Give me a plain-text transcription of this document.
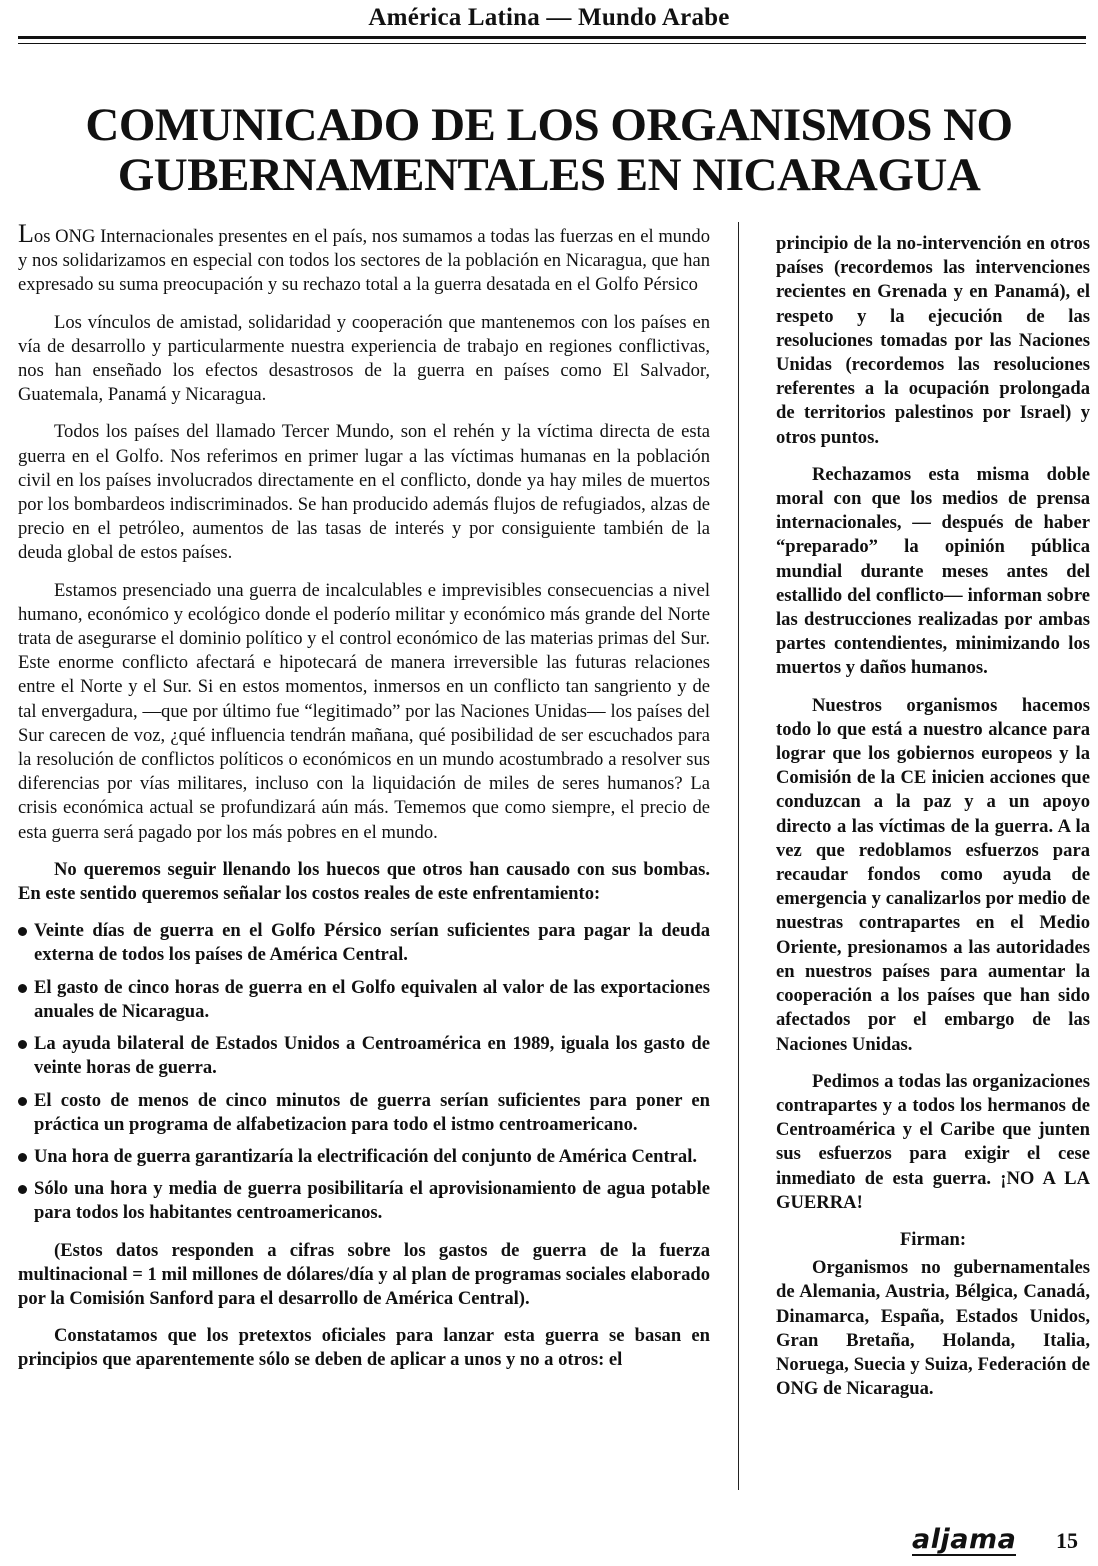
América Latina — Mundo Arabe
COMUNICADO DE LOS ORGANISMOS NO
GUBERNAMENTALES EN NICARAGUA

Los ONG Internacionales presentes en el país, nos sumamos a todas las fuerzas en el mundo y nos solidarizamos en especial con todos los sectores de la población en Nicaragua, que han expresado su suma preocupación y su rechazo total a la guerra desatada en el Golfo Pérsico

Los vínculos de amistad, solidaridad y cooperación que mantenemos con los países en vía de desarrollo y particularmente nuestra experiencia de trabajo en regiones conflictivas, nos han enseñado los efectos desastrosos de la guerra en países como El Salvador, Guatemala, Panamá y Nicaragua.

Todos los países del llamado Tercer Mundo, son el rehén y la víctima directa de esta guerra en el Golfo. Nos referimos en primer lugar a las víctimas humanas en la población civil en los países involucrados directamente en el conflicto, donde ya hay miles de muertos por los bombardeos indiscriminados. Se han producido además flujos de refugiados, alzas de precio en el petróleo, aumentos de las tasas de interés y por consiguiente también de la deuda global de estos países.

Estamos presenciado una guerra de incalculables e imprevisibles consecuencias a nivel humano, económico y ecológico donde el poderío militar y económico más grande del Norte trata de asegurarse el dominio político y el control económico de las materias primas del Sur. Este enorme conflicto afectará e hipotecará de manera irreversible las futuras relaciones entre el Norte y el Sur. Si en estos momentos, inmersos en un conflicto tan sangriento y de tal envergadura, —que por último fue “legitimado” por las Naciones Unidas— los países del Sur carecen de voz, ¿qué influencia tendrán mañana, qué posibilidad de ser escuchados para la resolución de conflictos políticos o económicos en un mundo acostumbrado a resolver sus diferencias por vías militares, incluso con la liquidación de miles de seres humanos? La crisis económica actual se profundizará aún más. Tememos que como siempre, el precio de esta guerra será pagado por los más pobres en el mundo.

No queremos seguir llenando los huecos que otros han causado con sus bombas. En este sentido queremos señalar los costos reales de este enfrentamiento:

Veinte días de guerra en el Golfo Pérsico serían suficientes para pagar la deuda externa de todos los países de América Central.
El gasto de cinco horas de guerra en el Golfo equivalen al valor de las exportaciones anuales de Nicaragua.
La ayuda bilateral de Estados Unidos a Centroamérica en 1989, iguala los gasto de veinte horas de guerra.
El costo de menos de cinco minutos de guerra serían suficientes para poner en práctica un programa de alfabetizacion para todo el istmo centroamericano.
Una hora de guerra garantizaría la electrificación del conjunto de América Central.
Sólo una hora y media de guerra posibilitaría el aprovisionamiento de agua potable para todos los habitantes centroamericanos.

(Estos datos responden a cifras sobre los gastos de guerra de la fuerza multinacional = 1 mil millones de dólares/día y al plan de programas sociales elaborado por la Comisión Sanford para el desarrollo de América Central).

Constatamos que los pretextos oficiales para lanzar esta guerra se basan en principios que aparentemente sólo se deben de aplicar a unos y no a otros: el

principio de la no-intervención en otros países (recordemos las intervenciones recientes en Grenada y en Panamá), el respeto y la ejecución de las resoluciones tomadas por las Naciones Unidas (recordemos las resoluciones referentes a la ocupación prolongada de territorios palestinos por Israel) y otros puntos.

Rechazamos esta misma doble moral con que los medios de prensa internacionales, — después de haber “preparado” la opinión pública mundial durante meses antes del estallido del conflicto— informan sobre las destrucciones realizadas por ambas partes contendientes, minimizando los muertos y daños humanos.

Nuestros organismos hacemos todo lo que está a nuestro alcance para lograr que los gobiernos europeos y la Comisión de la CE inicien acciones que conduzcan a la paz y a un apoyo directo a las víctimas de la guerra. A la vez que redoblamos esfuerzos para recaudar fondos como ayuda de emergencia y canalizarlos por medio de nuestras contrapartes en el Medio Oriente, presionamos a las autoridades en nuestros países para aumentar la cooperación a los países que han sido afectados por el embargo de las Naciones Unidas.

Pedimos a todas las organizaciones contrapartes y a todos los hermanos de Centroamérica y el Caribe que junten sus esfuerzos para exigir el cese inmediato de esta guerra. ¡NO A LA GUERRA!

Firman:

Organismos no gubernamentales de Alemania, Austria, Bélgica, Canadá, Dinamarca, España, Estados Unidos, Gran Bretaña, Holanda, Italia, Noruega, Suecia y Suiza, Federación de ONG de Nicaragua.

aljama 15
